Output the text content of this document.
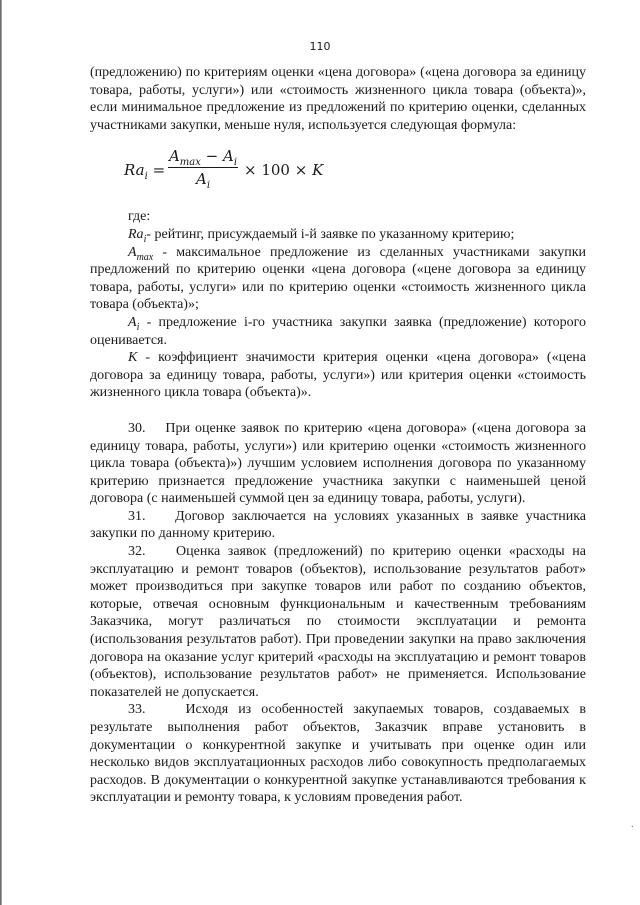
110

(предложению) по критериям оценки «цена договора» («цена договора за единицу товара, работы, услуги») или «стоимость жизненного цикла товара (объекта)», если минимальное предложение из предложений по критерию оценки, сделанных участниками закупки, меньше нуля, используется следующая формула:

$Ra_i$ =
$A_{max} - A_i$
$A_i$
× 100 × K

где:

$Ra_i-$ рейтинг, присуждаемый i-й заявке по указанному критерию;

$A_{max}$ - максимальное предложение из сделанных участниками закупки предложений по критерию оценки «цена договора («цене договора за единицу товара, работы, услуги» или по критерию оценки «стоимость жизненного цикла товара (объекта)»;

$A_i$ - предложение i-го участника закупки заявка (предложение) которого оценивается.

K - коэффициент значимости критерия оценки «цена договора» («цена договора за единицу товара, работы, услуги») или критерия оценки «стоимость жизненного цикла товара (объекта)».

30. При оценке заявок по критерию «цена договора» («цена договора за единицу товара, работы, услуги») или критерию оценки «стоимость жизненного цикла товара (объекта)») лучшим условием исполнения договора по указанному критерию признается предложение участника закупки с наименьшей ценой договора (с наименьшей суммой цен за единицу товара, работы, услуги).

31. Договор заключается на условиях указанных в заявке участника закупки по данному критерию.

32. Оценка заявок (предложений) по критерию оценки «расходы на эксплуатацию и ремонт товаров (объектов), использование результатов работ» может производиться при закупке товаров или работ по созданию объектов, которые, отвечая основным функциональным и качественным требованиям Заказчика, могут различаться по стоимости эксплуатации и ремонта (использования результатов работ). При проведении закупки на право заключения договора на оказание услуг критерий «расходы на эксплуатацию и ремонт товаров (объектов), использование результатов работ» не применяется. Использование показателей не допускается.

33.	Исходя из особенностей закупаемых товаров, создаваемых в результате выполнения работ объектов, Заказчик вправе установить в документации о конкурентной закупке и учитывать при оценке один или несколько видов эксплуатационных расходов либо совокупность предполагаемых расходов. В документации о конкурентной закупке устанавливаются требования к эксплуатации и ремонту товара, к условиям проведения работ.

·
